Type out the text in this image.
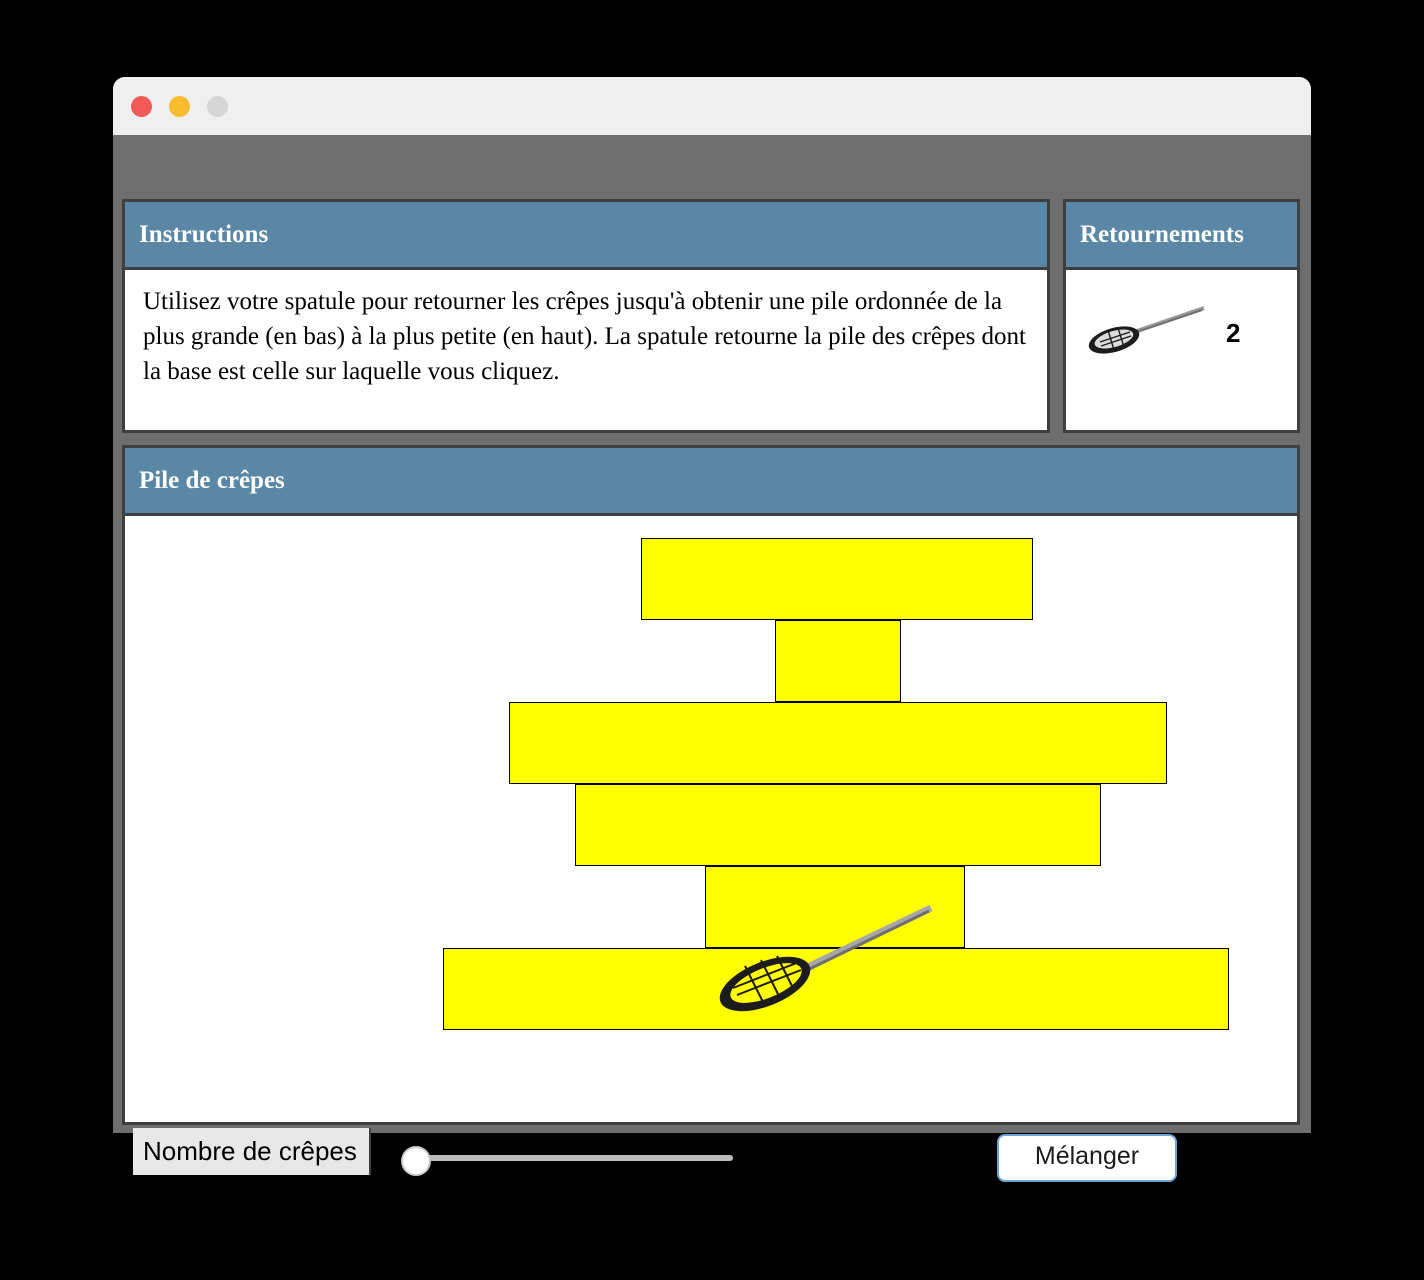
Instructions
Utilisez votre spatule pour retourner les crêpes jusqu'à obtenir une pile ordonnée de la plus grande (en bas) à la plus petite (en haut). La spatule retourne la pile des crêpes dont la base est celle sur laquelle vous cliquez.
Retournements
2
Pile de crêpes
Nombre de crêpes	6 crêpes	Mélanger
